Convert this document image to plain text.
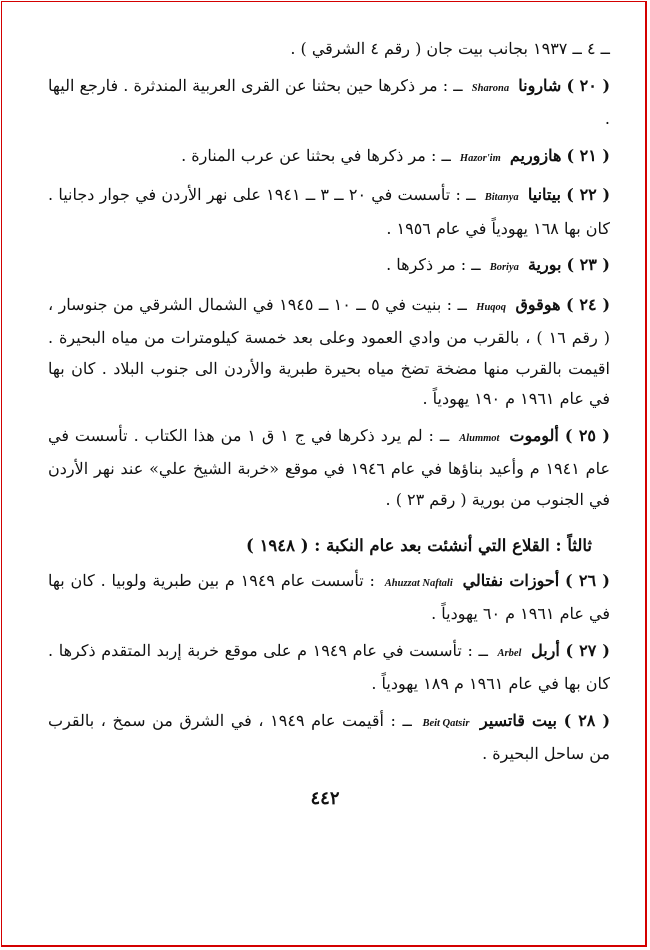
ــ ٤ ــ ١٩٣٧ بجانب بيت جان ( رقم ٤ الشرقي ) .
( ٢٠ ) شارونا Sharona ــ : مر ذكرها حين بحثنا عن القرى العربية المندثرة . فارجع اليها .
( ٢١ ) هازوريم Hazor'im ــ : مر ذكرها في بحثنا عن عرب المنارة .
( ٢٢ ) بيتانيا Bitanya ــ : تأسست في ٢٠ ــ ٣ ــ ١٩٤١ على نهر الأردن في جوار دجانيا . كان بها ١٦٨ يهودياً في عام ١٩٥٦ .
( ٢٣ ) بورية Boriya ــ : مر ذكرها .
( ٢٤ ) هوقوق Huqoq ــ : بنيت في ٥ ــ ١٠ ــ ١٩٤٥ في الشمال الشرقي من جنوسار ، ( رقم ١٦ ) ، بالقرب من وادي العمود وعلى بعد خمسة كيلومترات من مياه البحيرة . اقيمت بالقرب منها مضخة تضخ مياه بحيرة طبرية والأردن الى جنوب البلاد . كان بها في عام ١٩٦١ م ١٩٠ يهودياً .
( ٢٥ ) ألوموت Alummot ــ : لم يرد ذكرها في ج ١ ق ١ من هذا الكتاب . تأسست في عام ١٩٤١ م وأعيد بناؤها في عام ١٩٤٦ في موقع «خربة الشيخ علي» عند نهر الأردن في الجنوب من بورية ( رقم ٢٣ ) .
ثالثاً : القلاع التي أنشئت بعد عام النكبة : ( ١٩٤٨ )
( ٢٦ ) أحوزات نفتالي Ahuzzat Naftali : تأسست عام ١٩٤٩ م بين طبرية ولوبيا . كان بها في عام ١٩٦١ م ٦٠ يهودياً .
( ٢٧ ) أربل Arbel ــ : تأسست في عام ١٩٤٩ م على موقع خربة إربد المتقدم ذكرها . كان بها في عام ١٩٦١ م ١٨٩ يهودياً .
( ٢٨ ) بيت قاتسير Beit Qatsir ــ : أقيمت عام ١٩٤٩ ، في الشرق من سمخ ، بالقرب من ساحل البحيرة .
٤٤٢
